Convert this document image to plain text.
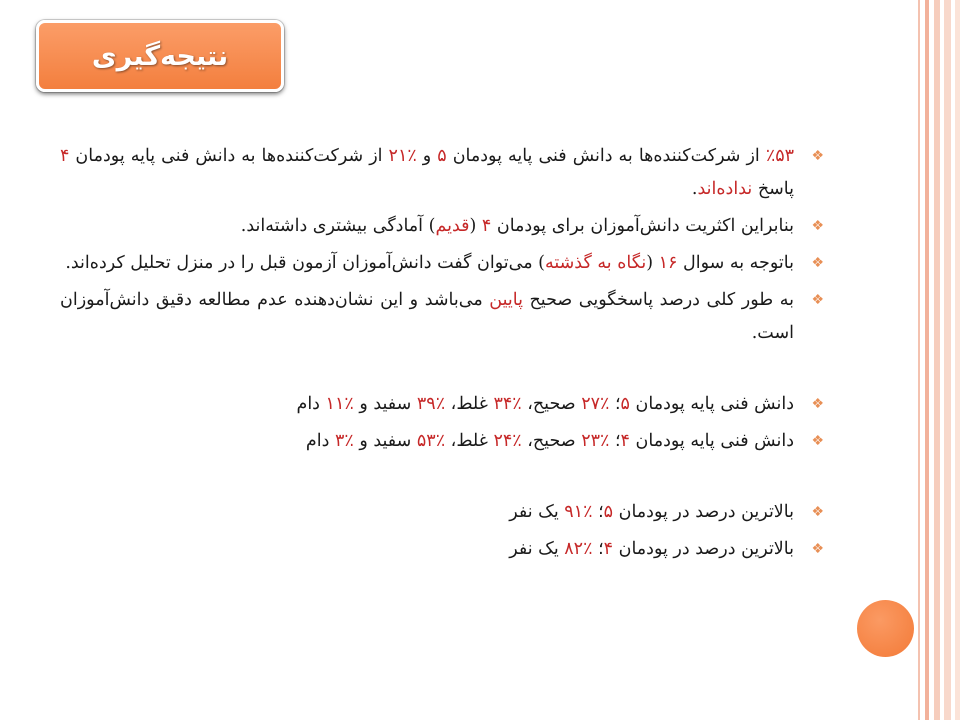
نتیجه‌گیری
❖
٪۵۳ از شرکت‌کننده‌ها به دانش فنی پایه پودمان ۵ و ٪۲۱ از شرکت‌کننده‌ها به دانش فنی پایه پودمان ۴ پاسخ نداده‌اند.
❖
بنابراین اکثریت دانش‌آموزان برای پودمان ۴ (قدیم) آمادگی بیشتری داشته‌اند.
❖
باتوجه به سوال ۱۶ (نگاه به گذشته) می‌توان گفت دانش‌آموزان آزمون قبل را در منزل تحلیل کرده‌اند.
❖
به طور کلی درصد پاسخگویی صحیح پایین می‌باشد و این نشان‌دهنده عدم مطالعه دقیق دانش‌آموزان است.
❖
دانش فنی پایه پودمان ۵؛ ٪۲۷ صحیح، ٪۳۴ غلط، ٪۳۹ سفید و ٪۱۱ دام
❖
دانش فنی پایه پودمان ۴؛ ٪۲۳ صحیح، ٪۲۴ غلط، ٪۵۳ سفید و ٪۳ دام
❖
بالاترین درصد در پودمان ۵؛ ٪۹۱ یک نفر
❖
بالاترین درصد در پودمان ۴؛ ٪۸۲ یک نفر
